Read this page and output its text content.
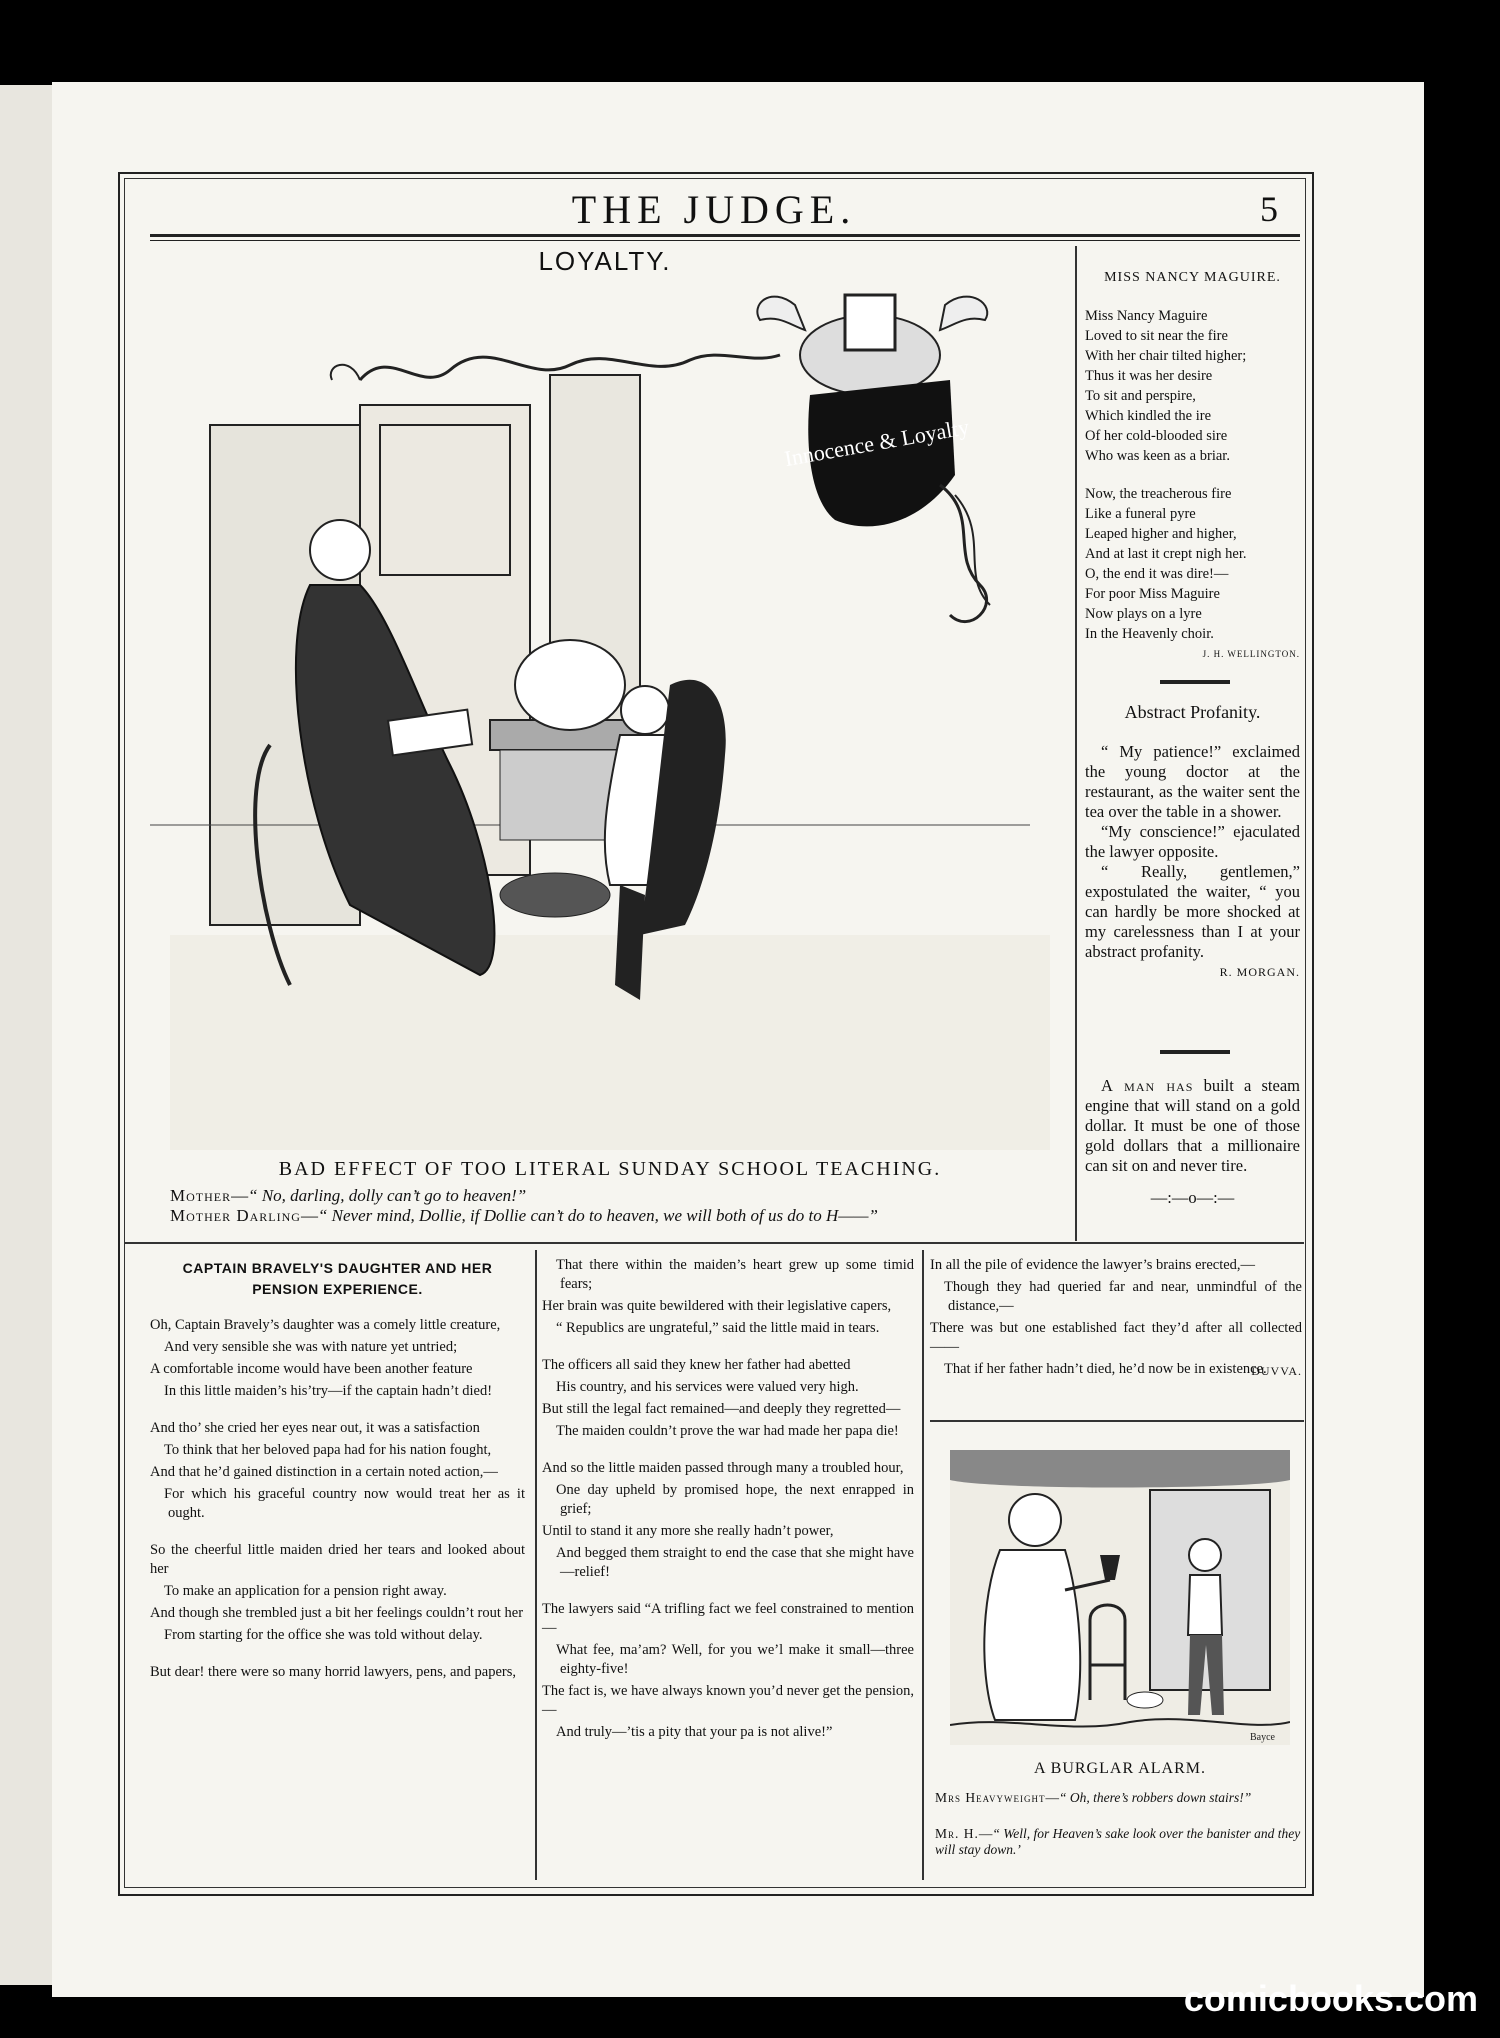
THE JUDGE.	5
LOYALTY.
Innocence & Loyalty
BAD EFFECT OF TOO LITERAL SUNDAY SCHOOL TEACHING.
Mother—“ No, darling, dolly can’t go to heaven!”
Mother Darling—“ Never mind, Dollie, if Dollie can’t do to heaven, we will both of us do to H——”
MISS NANCY MAGUIRE.

Miss Nancy Maguire

Loved to sit near the fire

With her chair tilted higher;

Thus it was her desire

To sit and perspire,

Which kindled the ire

Of her cold-blooded sire

Who was keen as a briar.

Now, the treacherous fire

Like a funeral pyre

Leaped higher and higher,

And at last it crept nigh her.

O, the end it was dire!—

For poor Miss Maguire

Now plays on a lyre

In the Heavenly choir.

J. H. WELLINGTON.
Abstract Profanity.

“ My patience!” exclaimed the young doctor at the restaurant, as the waiter sent the tea over the table in a shower.

“My conscience!” ejaculated the lawyer opposite.

“ Really, gentlemen,” expostulated the waiter, “ you can hardly be more shocked at my carelessness than I at your abstract profanity.

R. MORGAN.

A man has built a steam engine that will stand on a gold dollar. It must be one of those gold dollars that a millionaire can sit on and never tire.

—:—o—:—
CAPTAIN BRAVELY'S DAUGHTER AND HER PENSION EXPERIENCE.

Oh, Captain Bravely’s daughter was a comely little creature,

And very sensible she was with nature yet untried;

A comfortable income would have been another feature

In this little maiden’s his’try—if the captain hadn’t died!

And tho’ she cried her eyes near out, it was a satisfaction

To think that her beloved papa had for his nation fought,

And that he’d gained distinction in a certain noted action,—

For which his graceful country now would treat her as it ought.

So the cheerful little maiden dried her tears and looked about her

To make an application for a pension right away.

And though she trembled just a bit her feelings couldn’t rout her

From starting for the office she was told without delay.

But dear! there were so many horrid lawyers, pens, and papers,

That there within the maiden’s heart grew up some timid fears;

Her brain was quite bewildered with their legislative capers,

“ Republics are ungrateful,” said the little maid in tears.

The officers all said they knew her father had abetted

His country, and his services were valued very high.

But still the legal fact remained—and deeply they regretted—

The maiden couldn’t prove the war had made her papa die!

And so the little maiden passed through many a troubled hour,

One day upheld by promised hope, the next enrapped in grief;

Until to stand it any more she really hadn’t power,

And begged them straight to end the case that she might have—relief!

The lawyers said “A trifling fact we feel constrained to mention—

What fee, ma’am? Well, for you we’l make it small—three eighty-five!

The fact is, we have always known you’d never get the pension,—

And truly—’tis a pity that your pa is not alive!”

In all the pile of evidence the lawyer’s brains erected,—

Though they had queried far and near, unmindful of the distance,—

There was but one established fact they’d after all collected——

That if her father hadn’t died, he’d now be in existence.

DUVVA.
Bayce
A BURGLAR ALARM.
Mrs Heavyweight—“ Oh, there’s robbers down stairs!”
Mr. H.—“ Well, for Heaven’s sake look over the banister and they will stay down.’
comicbooks.com
